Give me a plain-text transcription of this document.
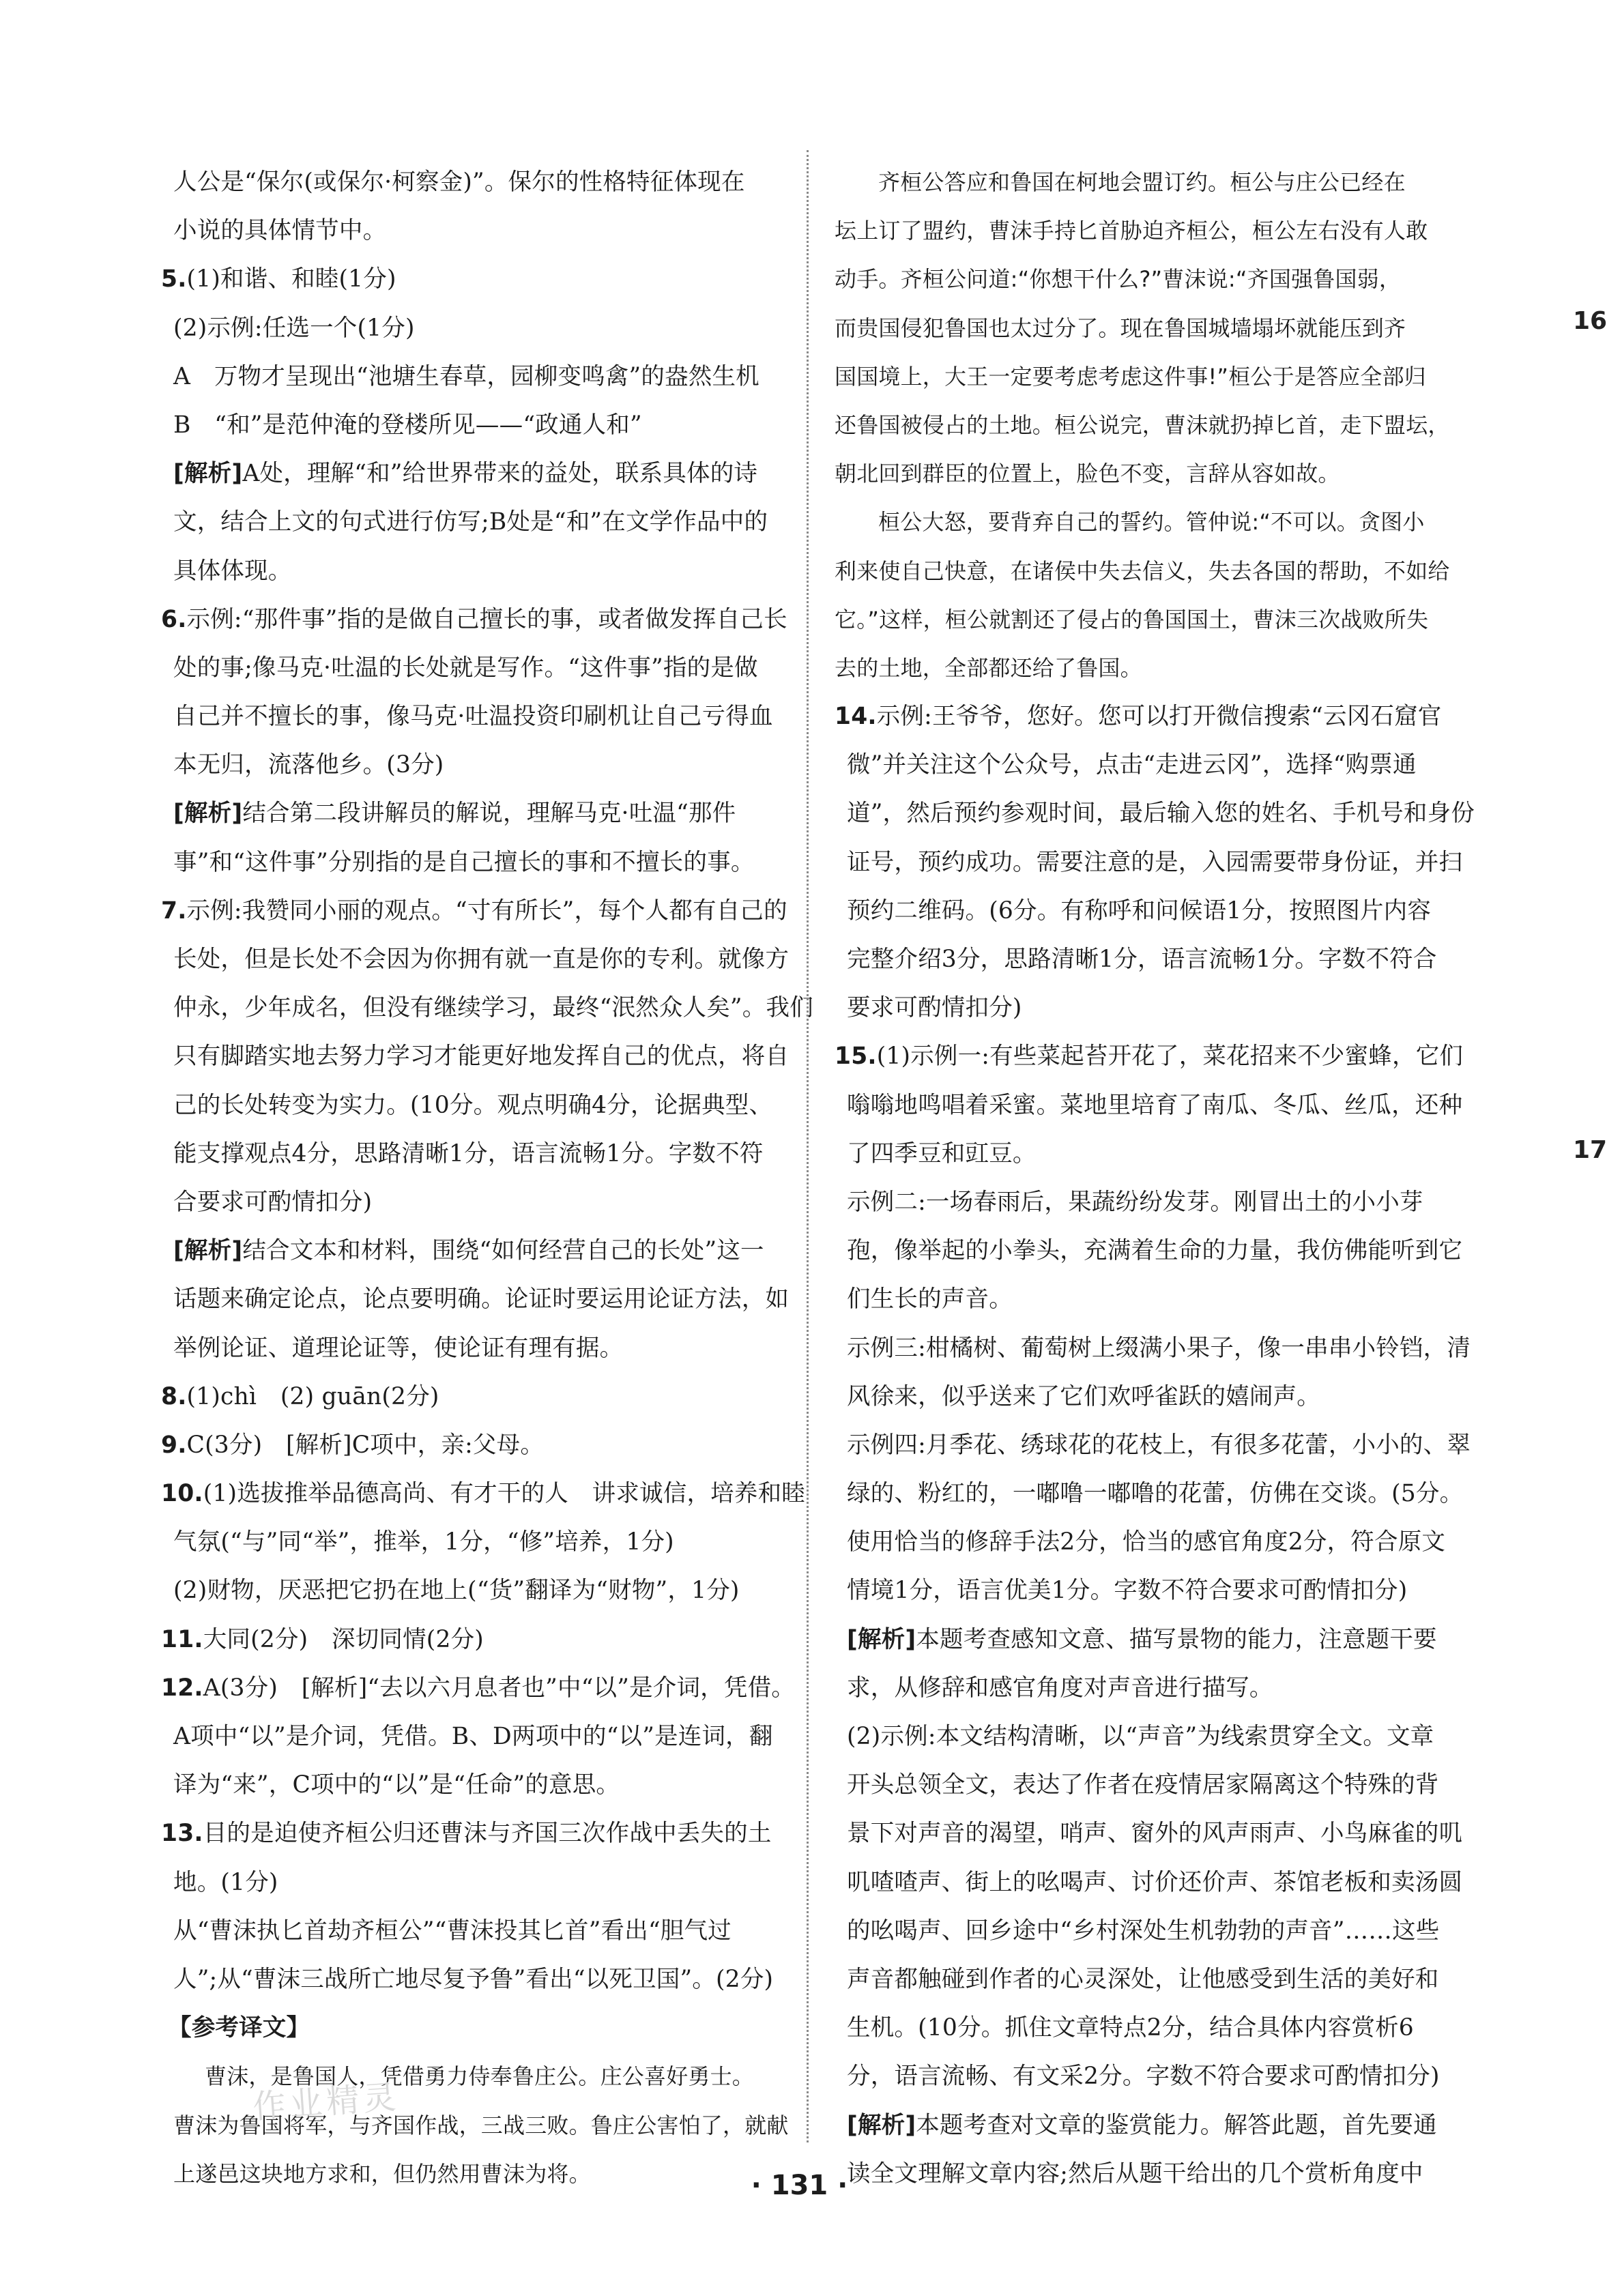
人公是“保尔(或保尔·柯察金)”。保尔的性格特征体现在

小说的具体情节中。

5.(1)和谐、和睦(1分)

(2)示例:任选一个(1分)

A　万物才呈现出“池塘生春草，园柳变鸣禽”的盎然生机

B　“和”是范仲淹的登楼所见——“政通人和”

[解析]A处，理解“和”给世界带来的益处，联系具体的诗

文，结合上文的句式进行仿写;B处是“和”在文学作品中的

具体体现。

6.示例:“那件事”指的是做自己擅长的事，或者做发挥自己长

处的事;像马克·吐温的长处就是写作。“这件事”指的是做

自己并不擅长的事，像马克·吐温投资印刷机让自己亏得血

本无归，流落他乡。(3分)

[解析]结合第二段讲解员的解说，理解马克·吐温“那件

事”和“这件事”分别指的是自己擅长的事和不擅长的事。

7.示例:我赞同小丽的观点。“寸有所长”，每个人都有自己的

长处，但是长处不会因为你拥有就一直是你的专利。就像方

仲永，少年成名，但没有继续学习，最终“泯然众人矣”。我们

只有脚踏实地去努力学习才能更好地发挥自己的优点，将自

己的长处转变为实力。(10分。观点明确4分，论据典型、

能支撑观点4分，思路清晰1分，语言流畅1分。字数不符

合要求可酌情扣分)

[解析]结合文本和材料，围绕“如何经营自己的长处”这一

话题来确定论点，论点要明确。论证时要运用论证方法，如

举例论证、道理论证等，使论证有理有据。

8.(1)chì　(2) guān(2分)

9.C(3分)　[解析]C项中，亲:父母。

10.(1)选拔推举品德高尚、有才干的人　讲求诚信，培养和睦

气氛(“与”同“举”，推举，1分，“修”培养，1分)

(2)财物，厌恶把它扔在地上(“货”翻译为“财物”，1分)

11.大同(2分)　深切同情(2分)

12.A(3分)　[解析]“去以六月息者也”中“以”是介词，凭借。

A项中“以”是介词，凭借。B、D两项中的“以”是连词，翻

译为“来”，C项中的“以”是“任命”的意思。

13.目的是迫使齐桓公归还曹沫与齐国三次作战中丢失的土

地。(1分)

从“曹沫执匕首劫齐桓公”“曹沫投其匕首”看出“胆气过

人”;从“曹沫三战所亡地尽复予鲁”看出“以死卫国”。(2分)

【参考译文】

曹沫，是鲁国人，凭借勇力侍奉鲁庄公。庄公喜好勇士。

曹沫为鲁国将军，与齐国作战，三战三败。鲁庄公害怕了，就献

上遂邑这块地方求和，但仍然用曹沫为将。

齐桓公答应和鲁国在柯地会盟订约。桓公与庄公已经在

坛上订了盟约，曹沫手持匕首胁迫齐桓公，桓公左右没有人敢

动手。齐桓公问道:“你想干什么?”曹沫说:“齐国强鲁国弱，

而贵国侵犯鲁国也太过分了。现在鲁国城墙塌坏就能压到齐

国国境上，大王一定要考虑考虑这件事!”桓公于是答应全部归

还鲁国被侵占的土地。桓公说完，曹沫就扔掉匕首，走下盟坛，

朝北回到群臣的位置上，脸色不变，言辞从容如故。

桓公大怒，要背弃自己的誓约。管仲说:“不可以。贪图小

利来使自己快意，在诸侯中失去信义，失去各国的帮助，不如给

它。”这样，桓公就割还了侵占的鲁国国土，曹沫三次战败所失

去的土地，全部都还给了鲁国。

14.示例:王爷爷，您好。您可以打开微信搜索“云冈石窟官

微”并关注这个公众号，点击“走进云冈”，选择“购票通

道”，然后预约参观时间，最后输入您的姓名、手机号和身份

证号，预约成功。需要注意的是，入园需要带身份证，并扫

预约二维码。(6分。有称呼和问候语1分，按照图片内容

完整介绍3分，思路清晰1分，语言流畅1分。字数不符合

要求可酌情扣分)

15.(1)示例一:有些菜起苔开花了，菜花招来不少蜜蜂，它们

嗡嗡地鸣唱着采蜜。菜地里培育了南瓜、冬瓜、丝瓜，还种

了四季豆和豇豆。

示例二:一场春雨后，果蔬纷纷发芽。刚冒出土的小小芽

孢，像举起的小拳头，充满着生命的力量，我仿佛能听到它

们生长的声音。

示例三:柑橘树、葡萄树上缀满小果子，像一串串小铃铛，清

风徐来，似乎送来了它们欢呼雀跃的嬉闹声。

示例四:月季花、绣球花的花枝上，有很多花蕾，小小的、翠

绿的、粉红的，一嘟噜一嘟噜的花蕾，仿佛在交谈。(5分。

使用恰当的修辞手法2分，恰当的感官角度2分，符合原文

情境1分，语言优美1分。字数不符合要求可酌情扣分)

[解析]本题考查感知文意、描写景物的能力，注意题干要

求，从修辞和感官角度对声音进行描写。

(2)示例:本文结构清晰，以“声音”为线索贯穿全文。文章

开头总领全文，表达了作者在疫情居家隔离这个特殊的背

景下对声音的渴望，哨声、窗外的风声雨声、小鸟麻雀的叽

叽喳喳声、街上的吆喝声、讨价还价声、茶馆老板和卖汤圆

的吆喝声、回乡途中“乡村深处生机勃勃的声音”……这些

声音都触碰到作者的心灵深处，让他感受到生活的美好和

生机。(10分。抓住文章特点2分，结合具体内容赏析6

分，语言流畅、有文采2分。字数不符合要求可酌情扣分)

[解析]本题考查对文章的鉴赏能力。解答此题，首先要通

读全文理解文章内容;然后从题干给出的几个赏析角度中

16
17
作业精灵
· 131 ·
